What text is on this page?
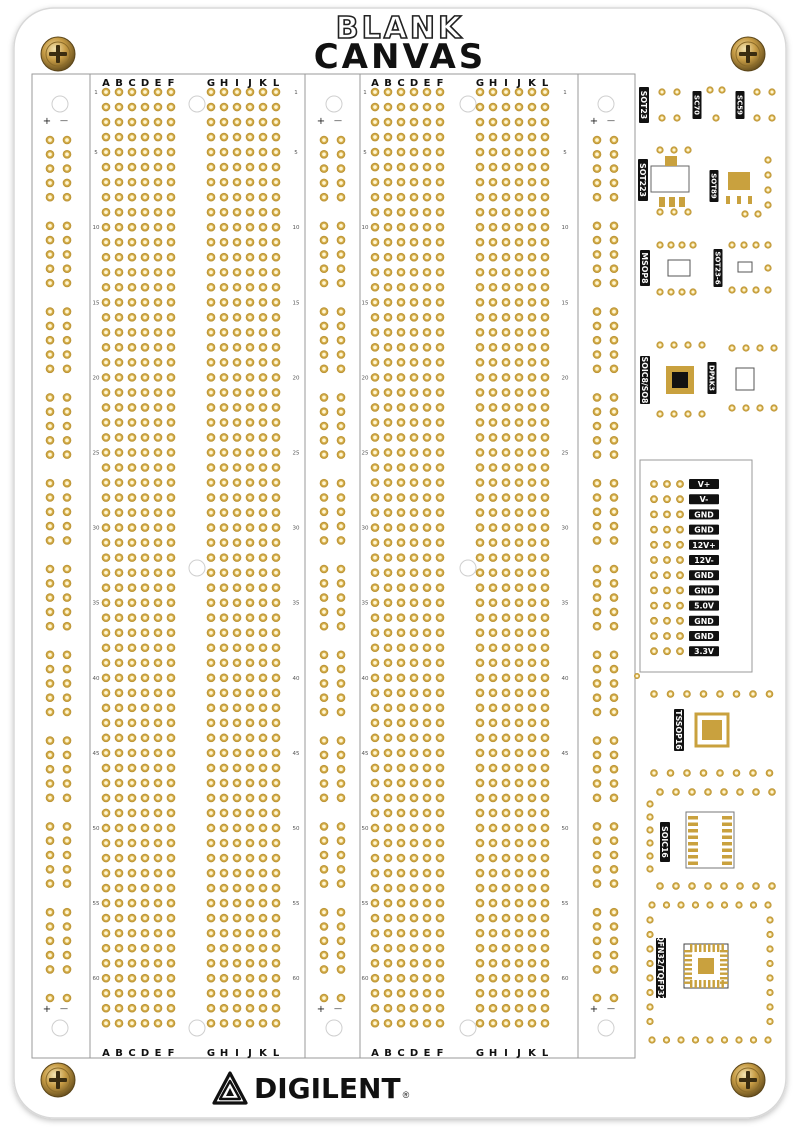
+ —	+ —	+ —
+ —	+ —	+ —
A	A
B	B
C	C
D	D
E	E
F	F
G	G
H	H
I	I
J	J
K	K
L	L
A	A
B	B
C	C
D	D
E	E
F	F
G	G
H	H
I	I
J	J
K	K
L	L
1	1	1	1
5	5	5	5
10	10	10	10
15	15	15	15
20	20	20	20
25	25	25	25
30	30	30	30
35	35	35	35
40	40	40	40
45	45	45	45
50	50	50	50
55	55	55	55
60	60	60	60
SOT23	SC70	SC59
SOT223	SOT89
MSOP8	SOT23-6
SOIC8/SO8	DPAK3
V+
V-
GND
GND
12V+
12V-
GND
GND
5.0V
GND
GND
3.3V
TSSOP16
SOIC16
QFN32/TQFP32
BLANK
CANVAS
DIGILENT ®
